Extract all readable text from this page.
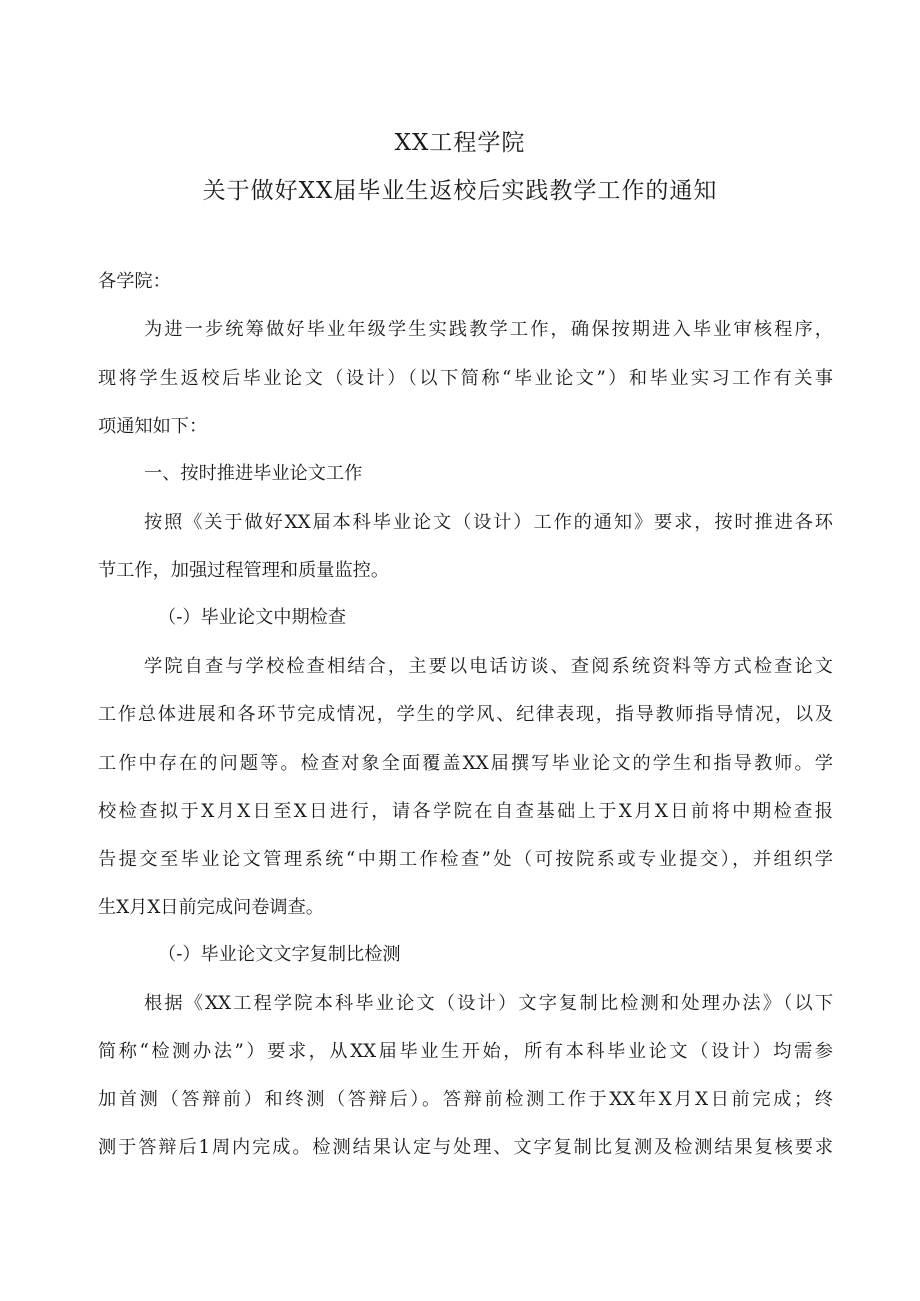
XX工程学院
关于做好XX届毕业生返校后实践教学工作的通知
各学院：
为进一步统筹做好毕业年级学生实践教学工作，确保按期进入毕业审核程序，
现将学生返校后毕业论文（设计）（以下简称“毕业论文”）和毕业实习工作有关事
项通知如下：
一、按时推进毕业论文工作
按照《关于做好XX届本科毕业论文（设计）工作的通知》要求，按时推进各环
节工作，加强过程管理和质量监控。
（-）毕业论文中期检查
学院自查与学校检查相结合，主要以电话访谈、查阅系统资料等方式检查论文
工作总体进展和各环节完成情况，学生的学风、纪律表现，指导教师指导情况，以及
工作中存在的问题等。检查对象全面覆盖XX届撰写毕业论文的学生和指导教师。学
校检查拟于X月X日至X日进行，请各学院在自查基础上于X月X日前将中期检查报
告提交至毕业论文管理系统“中期工作检查”处（可按院系或专业提交），并组织学
生X月X日前完成问卷调查。
（-）毕业论文文字复制比检测
根据《XX工程学院本科毕业论文（设计）文字复制比检测和处理办法》（以下
简称“检测办法”）要求，从XX届毕业生开始，所有本科毕业论文（设计）均需参
加首测（答辩前）和终测（答辩后）。答辩前检测工作于XX年X月X日前完成；终
测于答辩后1周内完成。检测结果认定与处理、文字复制比复测及检测结果复核要求
